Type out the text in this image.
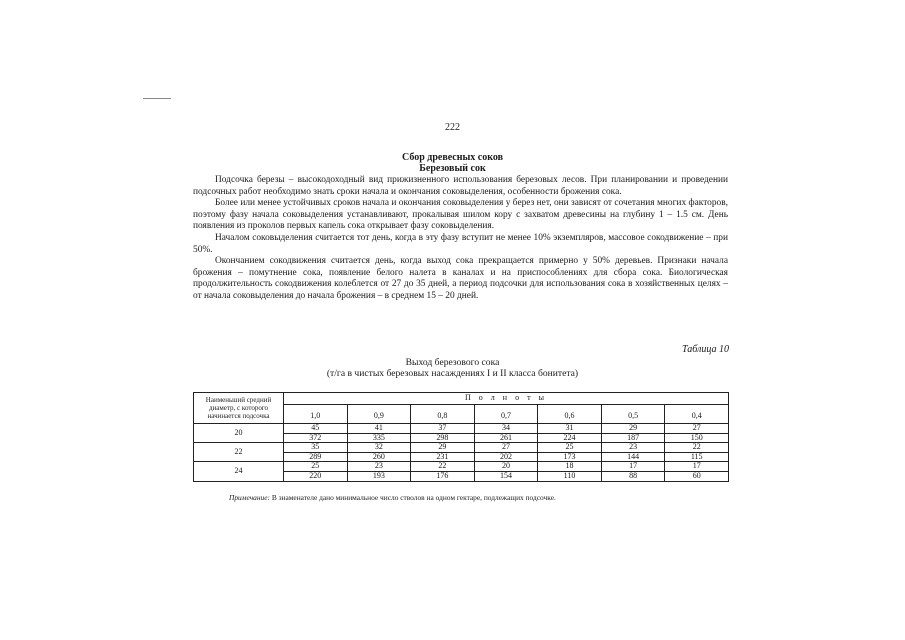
222
Сбор древесных соков
Березовый сок

Подсочка березы – высокодоходный вид прижизненного использования березовых лесов. При планировании и проведении подсочных работ необходимо знать сроки начала и окончания соковыделения, особенности брожения сока.

Более или менее устойчивых сроков начала и окончания соковыделения у берез нет, они зависят от сочетания многих факторов, поэтому фазу начала соковыделения устанавливают, прокалывая шилом кору с захватом древесины на глубину 1 – 1.5 см. День появления из проколов первых капель сока открывает фазу соковыделения.

Началом соковыделения считается тот день, когда в эту фазу вступит не менее 10% экземпляров, массовое сокодвижение – при 50%.

Окончанием сокодвижения считается день, когда выход сока прекращается примерно у 50% деревьев. Признаки начала брожения – помутнение сока, появление белого налета в каналах и на приспособлениях для сбора сока. Биологическая продолжительность сокодвижения колеблется от 27 до 35 дней, а период подсочки для использования сока в хозяйственных целях – от начала соковыделения до начала брожения – в среднем 15 – 20 дней.

Таблица 10
Выход березового сока
(т/га в чистых березовых насаждениях I и II класса бонитета)
Наименьший средний диаметр, с которого начинается подсочка	П о л н о т ы						
	1,0	0,9	0,8	0,7	0,6	0,5	0,4
20	45	41	37	34	31	29	27
	372	335	298	261	224	187	150
22	35	32	29	27	25	23	22
	289	260	231	202	173	144	115
24	25	23	22	20	18	17	17
	220	193	176	154	110	88	60
Примечание: В знаменателе дано минимальное число стволов на одном гектаре, подлежащих подсочке.
